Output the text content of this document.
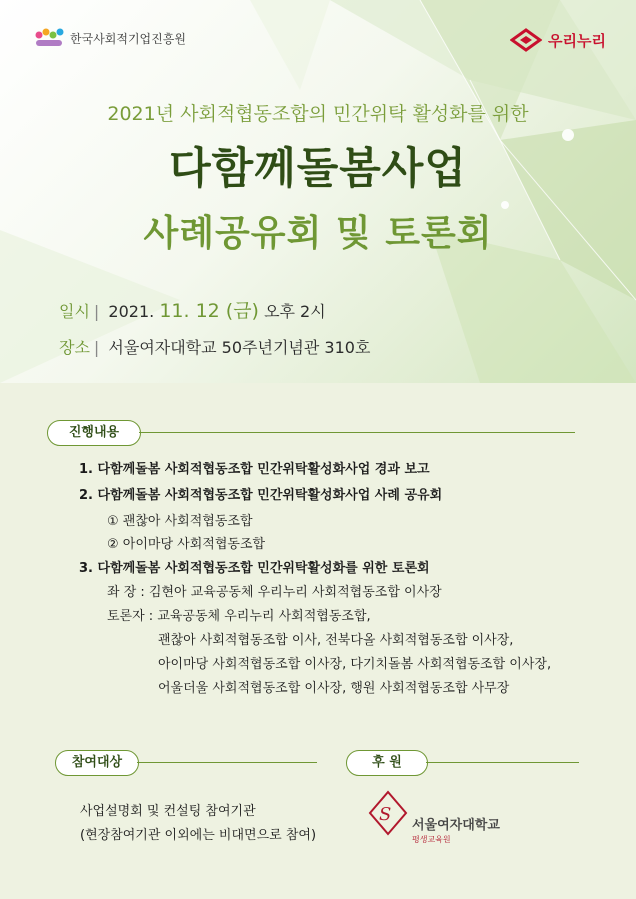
한국사회적기업진흥원	우리누리
2021년 사회적협동조합의 민간위탁 활성화를 위한
다함께돌봄사업
사례공유회 및 토론회
일시 | 2021. 11. 12 (금) 오후 2시
장소 | 서울여자대학교 50주년기념관 310호
진행내용
1. 다함께돌봄 사회적협동조합 민간위탁활성화사업 경과 보고
2. 다함께돌봄 사회적협동조합 민간위탁활성화사업 사례 공유회
① 괜찮아 사회적협동조합
② 아이마당 사회적협동조합
3. 다함께돌봄 사회적협동조합 민간위탁활성화를 위한 토론회
좌 장 : 김현아 교육공동체 우리누리 사회적협동조합 이사장
토론자 : 교육공동체 우리누리 사회적협동조합,
괜찮아 사회적협동조합 이사, 전북다올 사회적협동조합 이사장,
아이마당 사회적협동조합 이사장, 다기치돌봄 사회적협동조합 이사장,
어울더울 사회적협동조합 이사장, 행원 사회적협동조합 사무장
참여대상
사업설명회 및 컨설팅 참여기관
(현장참여기관 이외에는 비대면으로 참여)
후 원
S
서울여자대학교
평생교육원
